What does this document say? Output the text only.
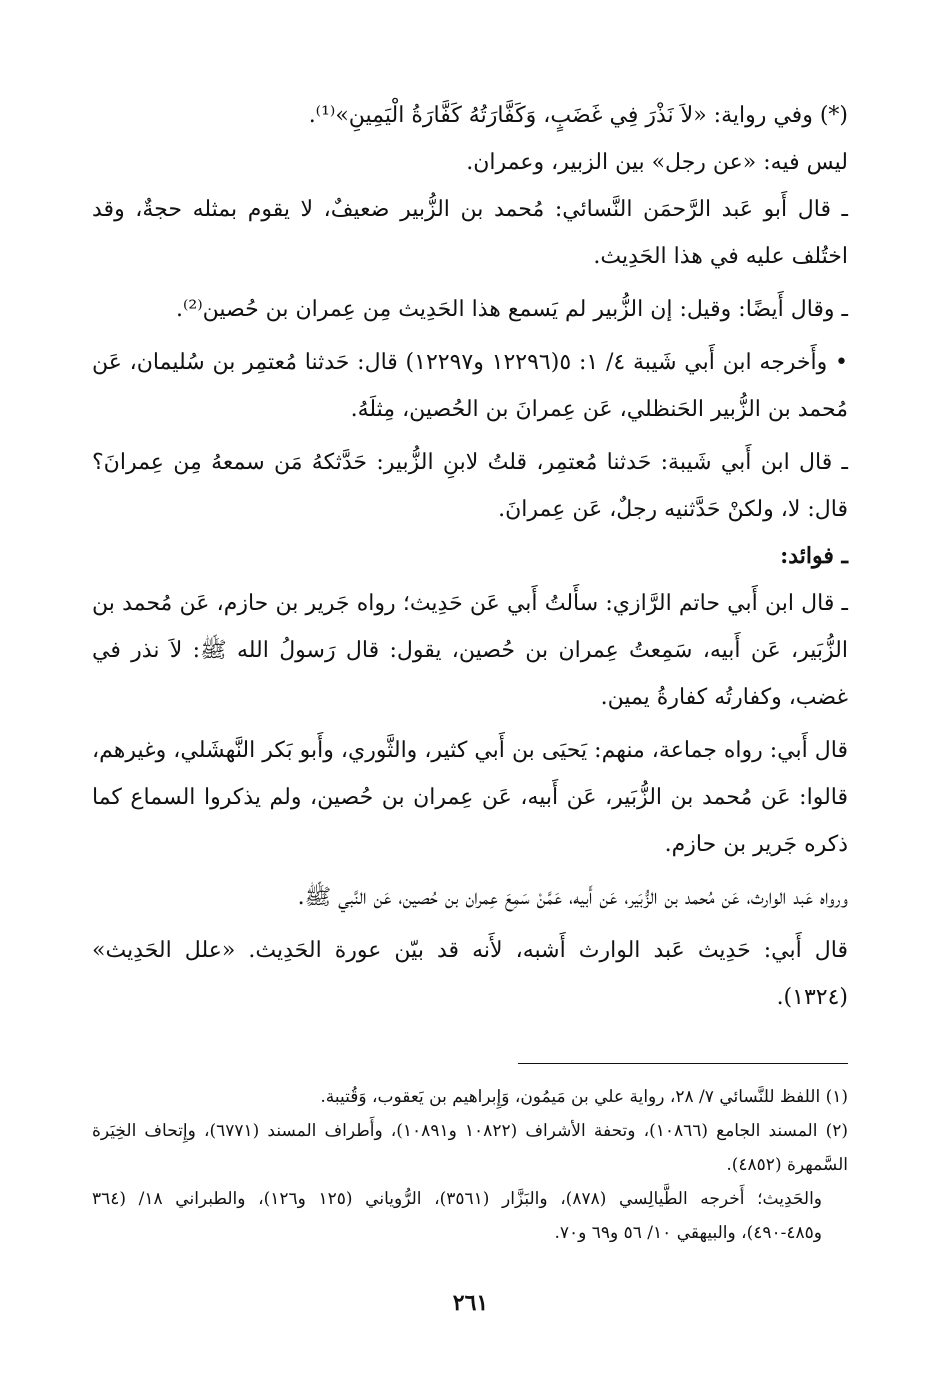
(*) وفي رواية: «لاَ نَذْرَ فِي غَضَبٍ، وَكَفَّارَتُهُ كَفَّارَةُ الْيَمِينِ»⁽¹⁾.

ليس فيه: «عن رجل» بين الزبير، وعمران.

ـ قال أَبو عَبد الرَّحمَن النَّسائي: مُحمد بن الزُّبير ضعيفٌ، لا يقوم بمثله حجةٌ، وقد اختُلف عليه في هذا الحَدِيث.

ـ وقال أَيضًا: وقيل: إن الزُّبير لم يَسمع هذا الحَدِيث مِن عِمران بن حُصين⁽²⁾.

• وأَخرجه ابن أَبي شَيبة ٤/ ١: ٥(١٢٢٩٦ و١٢٢٩٧) قال: حَدثنا مُعتمِر بن سُليمان، عَن مُحمد بن الزُّبير الحَنظلي، عَن عِمرانَ بن الحُصين، مِثلَهُ.

ـ قال ابن أَبي شَيبة: حَدثنا مُعتمِر، قلتُ لابنِ الزُّبير: حَدَّثكهُ مَن سمعهُ مِن عِمرانَ؟ قال: لا، ولكنْ حَدَّثنيه رجلٌ، عَن عِمرانَ.

ـ فوائد:

ـ قال ابن أَبي حاتم الرَّازي: سأَلتُ أَبي عَن حَدِيث؛ رواه جَرير بن حازم، عَن مُحمد بن الزُّبَير، عَن أَبيه، سَمِعتُ عِمران بن حُصين، يقول: قال رَسولُ الله ﷺ: لاَ نذر في غضب، وكفارتُه كفارةُ يمين.

قال أَبي: رواه جماعة، منهم: يَحيَى بن أَبي كثير، والثَّوري، وأَبو بَكر النَّهشَلي، وغيرهم، قالوا: عَن مُحمد بن الزُّبَير، عَن أَبيه، عَن عِمران بن حُصين، ولم يذكروا السماع كما ذكره جَرير بن حازم.

ورواه عَبد الوارث، عَن مُحمد بن الزُّبَير، عَن أَبيه، عَمَّنْ سَمِعَ عِمران بن حُصين، عَن النَّبي ﷺ.

قال أَبي: حَدِيث عَبد الوارث أَشبه، لأَنه قد بيّن عورة الحَدِيث. «علل الحَدِيث» (١٣٢٤).

(١) اللفظ للنَّسائي ٧/ ٢٨، رواية علي بن مَيمُون، وَإِبراهيم بن يَعقوب، وَقُتيبة.

(٢) المسند الجامع (١٠٨٦٦)، وتحفة الأشراف (١٠٨٢٢ و١٠٨٩١)، وأَطراف المسند (٦٧٧١)، وإِتحاف الخِيَرة السَّمهرة (٤٨٥٢).

والحَدِيث؛ أَخرجه الطَّيالِسي (٨٧٨)، والبَزَّار (٣٥٦١)، الرُّوياني (١٢٥ و١٢٦)، والطبراني ١٨/ (٣٦٤ و٤٨٥-٤٩٠)، والبيهقي ١٠/ ٥٦ و٦٩ و٧٠.

٢٦١
